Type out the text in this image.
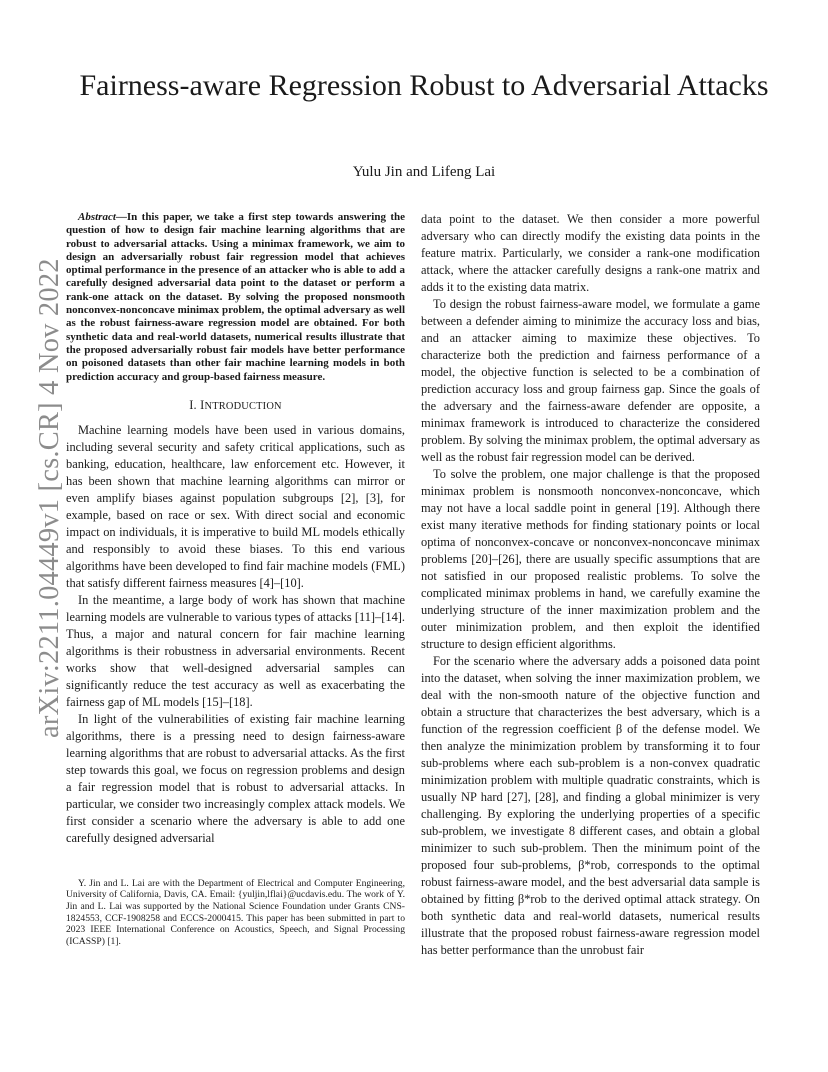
arXiv:2211.04449v1 [cs.CR] 4 Nov 2022
Fairness-aware Regression Robust to Adversarial Attacks
Yulu Jin and Lifeng Lai

Abstract—In this paper, we take a first step towards answering the question of how to design fair machine learning algorithms that are robust to adversarial attacks. Using a minimax framework, we aim to design an adversarially robust fair regression model that achieves optimal performance in the presence of an attacker who is able to add a carefully designed adversarial data point to the dataset or perform a rank-one attack on the dataset. By solving the proposed nonsmooth nonconvex-nonconcave minimax problem, the optimal adversary as well as the robust fairness-aware regression model are obtained. For both synthetic data and real-world datasets, numerical results illustrate that the proposed adversarially robust fair models have better performance on poisoned datasets than other fair machine learning models in both prediction accuracy and group-based fairness measure.

I. INTRODUCTION

Machine learning models have been used in various domains, including several security and safety critical applications, such as banking, education, healthcare, law enforcement etc. However, it has been shown that machine learning algorithms can mirror or even amplify biases against population subgroups [2], [3], for example, based on race or sex. With direct social and economic impact on individuals, it is imperative to build ML models ethically and responsibly to avoid these biases. To this end various algorithms have been developed to find fair machine models (FML) that satisfy different fairness measures [4]–[10].

In the meantime, a large body of work has shown that machine learning models are vulnerable to various types of attacks [11]–[14]. Thus, a major and natural concern for fair machine learning algorithms is their robustness in adversarial environments. Recent works show that well-designed adversarial samples can significantly reduce the test accuracy as well as exacerbating the fairness gap of ML models [15]–[18].

In light of the vulnerabilities of existing fair machine learning algorithms, there is a pressing need to design fairness-aware learning algorithms that are robust to adversarial attacks. As the first step towards this goal, we focus on regression problems and design a fair regression model that is robust to adversarial attacks. In particular, we consider two increasingly complex attack models. We first consider a scenario where the adversary is able to add one carefully designed adversarial

Y. Jin and L. Lai are with the Department of Electrical and Computer Engineering, University of California, Davis, CA. Email: {yuljin,lflai}@ucdavis.edu. The work of Y. Jin and L. Lai was supported by the National Science Foundation under Grants CNS-1824553, CCF-1908258 and ECCS-2000415. This paper has been submitted in part to 2023 IEEE International Conference on Acoustics, Speech, and Signal Processing (ICASSP) [1].

data point to the dataset. We then consider a more powerful adversary who can directly modify the existing data points in the feature matrix. Particularly, we consider a rank-one modification attack, where the attacker carefully designs a rank-one matrix and adds it to the existing data matrix.

To design the robust fairness-aware model, we formulate a game between a defender aiming to minimize the accuracy loss and bias, and an attacker aiming to maximize these objectives. To characterize both the prediction and fairness performance of a model, the objective function is selected to be a combination of prediction accuracy loss and group fairness gap. Since the goals of the adversary and the fairness-aware defender are opposite, a minimax framework is introduced to characterize the considered problem. By solving the minimax problem, the optimal adversary as well as the robust fair regression model can be derived.

To solve the problem, one major challenge is that the proposed minimax problem is nonsmooth nonconvex-nonconcave, which may not have a local saddle point in general [19]. Although there exist many iterative methods for finding stationary points or local optima of nonconvex-concave or nonconvex-nonconcave minimax problems [20]–[26], there are usually specific assumptions that are not satisfied in our proposed realistic problems. To solve the complicated minimax problems in hand, we carefully examine the underlying structure of the inner maximization problem and the outer minimization problem, and then exploit the identified structure to design efficient algorithms.

For the scenario where the adversary adds a poisoned data point into the dataset, when solving the inner maximization problem, we deal with the non-smooth nature of the objective function and obtain a structure that characterizes the best adversary, which is a function of the regression coefficient β of the defense model. We then analyze the minimization problem by transforming it to four sub-problems where each sub-problem is a non-convex quadratic minimization problem with multiple quadratic constraints, which is usually NP hard [27], [28], and finding a global minimizer is very challenging. By exploring the underlying properties of a specific sub-problem, we investigate 8 different cases, and obtain a global minimizer to such sub-problem. Then the minimum point of the proposed four sub-problems, β*rob, corresponds to the optimal robust fairness-aware model, and the best adversarial data sample is obtained by fitting β*rob to the derived optimal attack strategy. On both synthetic data and real-world datasets, numerical results illustrate that the proposed robust fairness-aware regression model has better performance than the unrobust fair
